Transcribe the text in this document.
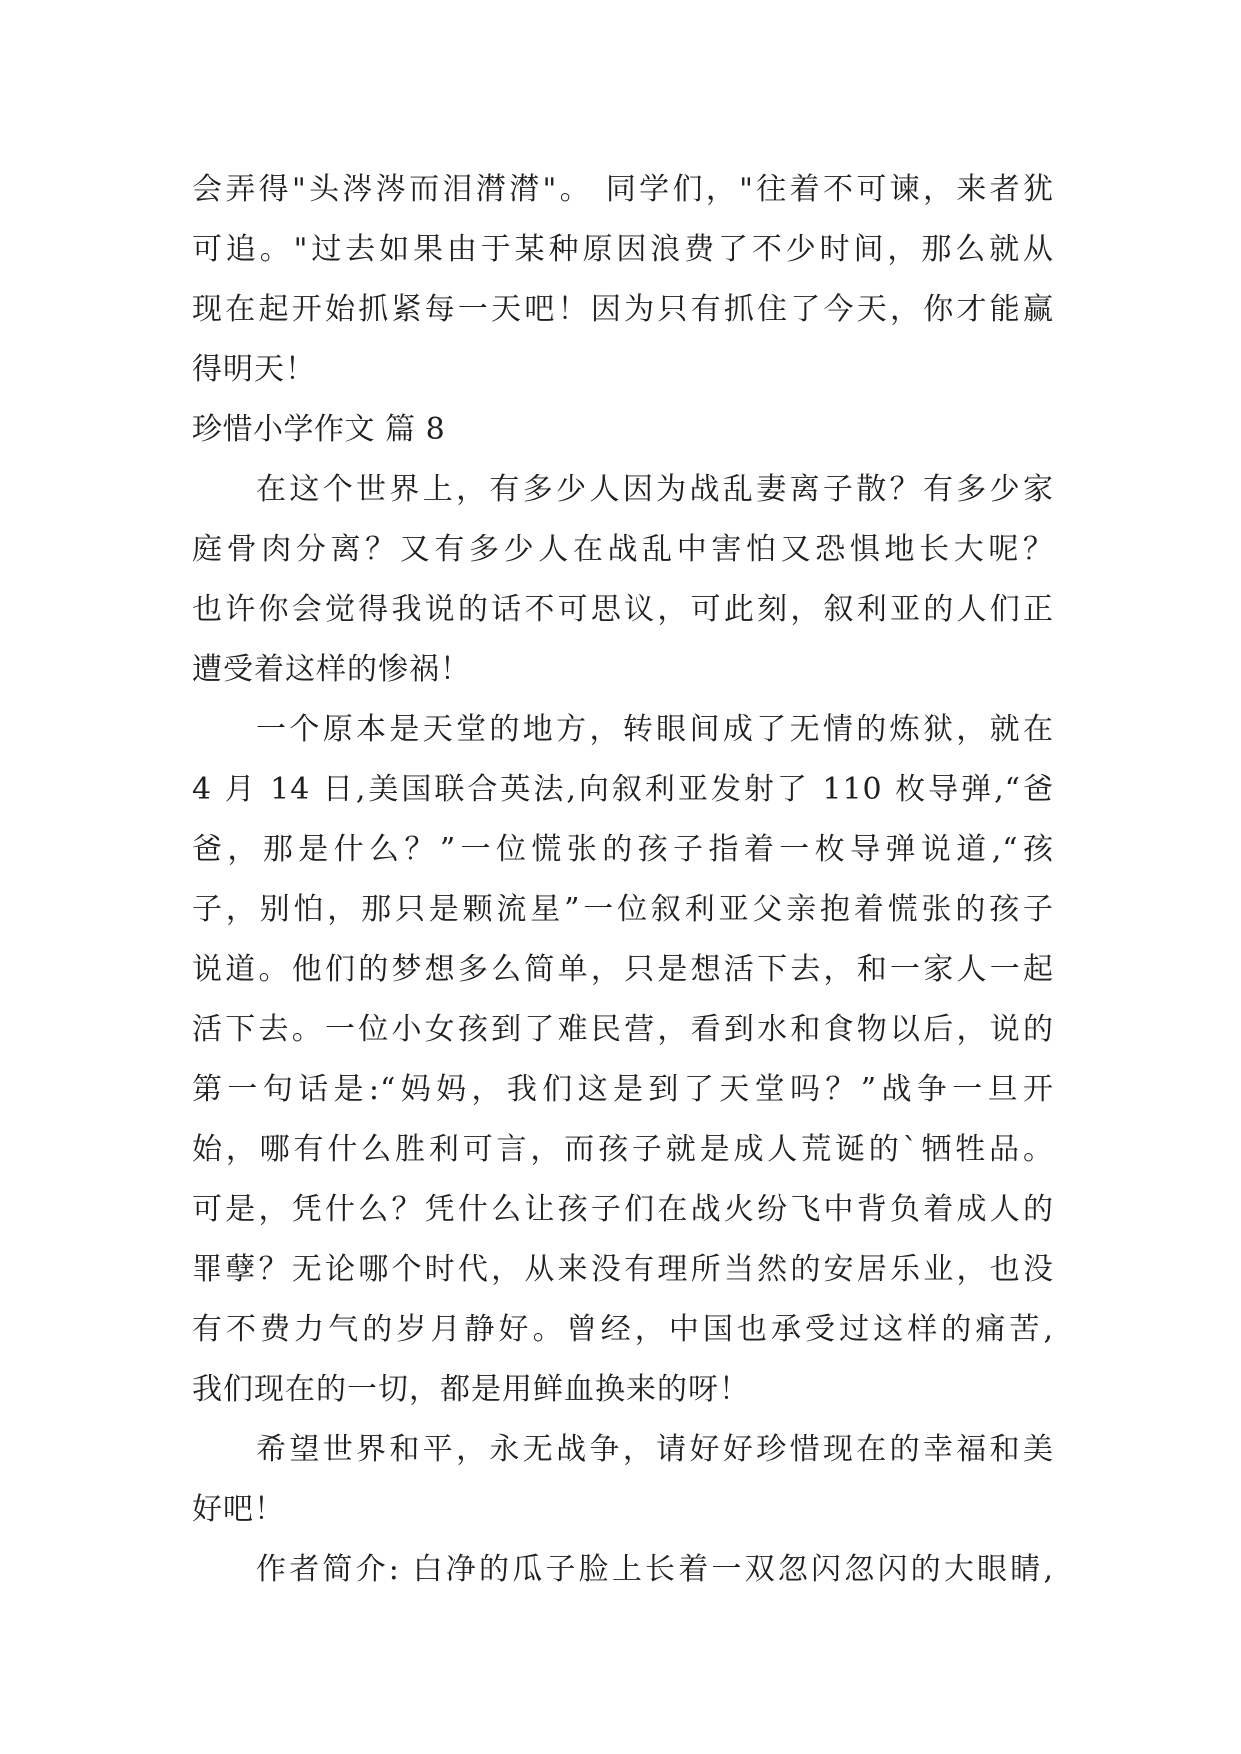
会弄得"头涔涔而泪潸潸"。 同学们，"往着不可谏，来者犹
可追。"过去如果由于某种原因浪费了不少时间，那么就从
现在起开始抓紧每一天吧！因为只有抓住了今天，你才能赢
得明天！
珍惜小学作文 篇 8
在这个世界上，有多少人因为战乱妻离子散？有多少家
庭骨肉分离？又有多少人在战乱中害怕又恐惧地长大呢？
也许你会觉得我说的话不可思议，可此刻，叙利亚的人们正
遭受着这样的惨祸！
一个原本是天堂的地方，转眼间成了无情的炼狱，就在
4 月 14 日,美国联合英法,向叙利亚发射了 110 枚导弹,“爸
爸，那是什么？”一位慌张的孩子指着一枚导弹说道,“孩
子，别怕，那只是颗流星”一位叙利亚父亲抱着慌张的孩子
说道。他们的梦想多么简单，只是想活下去，和一家人一起
活下去。一位小女孩到了难民营，看到水和食物以后，说的
第一句话是:“妈妈，我们这是到了天堂吗？”战争一旦开
始，哪有什么胜利可言，而孩子就是成人荒诞的`牺牲品。
可是，凭什么？凭什么让孩子们在战火纷飞中背负着成人的
罪孽？无论哪个时代，从来没有理所当然的安居乐业，也没
有不费力气的岁月静好。曾经，中国也承受过这样的痛苦,
我们现在的一切，都是用鲜血换来的呀！
希望世界和平，永无战争，请好好珍惜现在的幸福和美
好吧！
作者简介: 白净的瓜子脸上长着一双忽闪忽闪的大眼睛,
